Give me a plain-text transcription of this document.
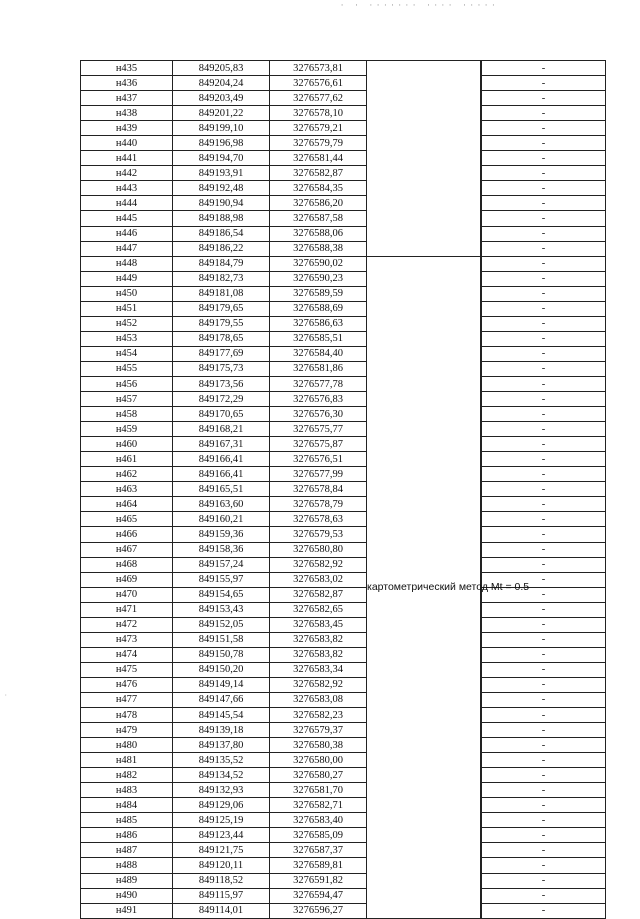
· · ······· ···· ·····
·
н435	849205,83	3276573,81			-
н436	849204,24	3276576,61		-
н437	849203,49	3276577,62		-
н438	849201,22	3276578,10		-
н439	849199,10	3276579,21		-
н440	849196,98	3276579,79		-
н441	849194,70	3276581,44		-
н442	849193,91	3276582,87		-
н443	849192,48	3276584,35		-
н444	849190,94	3276586,20		-
н445	849188,98	3276587,58		-
н446	849186,54	3276588,06		-
н447	849186,22	3276588,38		-
н448	849184,79	3276590,02	картометрический метод Mt = 0.5	-
н449	849182,73	3276590,23		-
н450	849181,08	3276589,59		-
н451	849179,65	3276588,69		-
н452	849179,55	3276586,63		-
н453	849178,65	3276585,51		-
н454	849177,69	3276584,40		-
н455	849175,73	3276581,86		-
н456	849173,56	3276577,78		-
н457	849172,29	3276576,83		-
н458	849170,65	3276576,30		-
н459	849168,21	3276575,77		-
н460	849167,31	3276575,87		-
н461	849166,41	3276576,51		-
н462	849166,41	3276577,99		-
н463	849165,51	3276578,84		-
н464	849163,60	3276578,79		-
н465	849160,21	3276578,63		-
н466	849159,36	3276579,53		-
н467	849158,36	3276580,80		-
н468	849157,24	3276582,92		-
н469	849155,97	3276583,02		-
н470	849154,65	3276582,87		-
н471	849153,43	3276582,65		-
н472	849152,05	3276583,45		-
н473	849151,58	3276583,82		-
н474	849150,78	3276583,82		-
н475	849150,20	3276583,34		-
н476	849149,14	3276582,92		-
н477	849147,66	3276583,08		-
н478	849145,54	3276582,23		-
н479	849139,18	3276579,37		-
н480	849137,80	3276580,38		-
н481	849135,52	3276580,00		-
н482	849134,52	3276580,27		-
н483	849132,93	3276581,70		-
н484	849129,06	3276582,71		-
н485	849125,19	3276583,40		-
н486	849123,44	3276585,09		-
н487	849121,75	3276587,37		-
н488	849120,11	3276589,81		-
н489	849118,52	3276591,82		-
н490	849115,97	3276594,47		-
н491	849114,01	3276596,27		-
